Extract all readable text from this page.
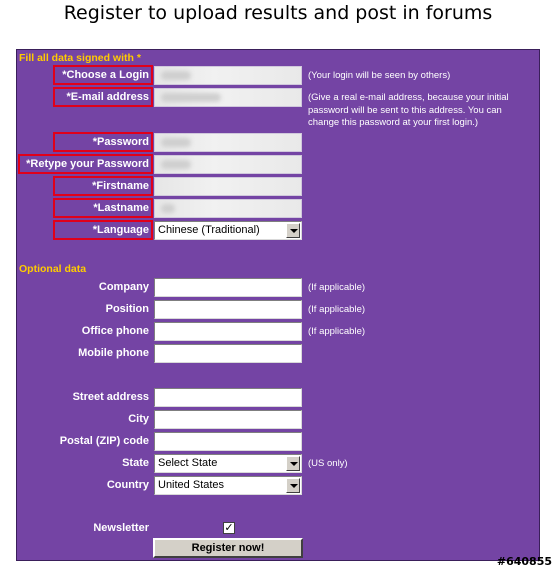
Register to upload results and post in forums
Fill all data signed with *
*Choose a Login	(Your login will be seen by others)
*E-mail address	(Give a real e-mail address, because your initial
password will be sent to this address. You can
change this password at your first login.)
*Password
*Retype your Password
*Firstname
*Lastname
*Language Chinese (Traditional)
Optional data
Company	(If applicable)
Position	(If applicable)
Office phone	(If applicable)
Mobile phone
Street address
City
Postal (ZIP) code
State Select State	(US only)
Country United States
Newsletter	✓
Register now!
#640855
